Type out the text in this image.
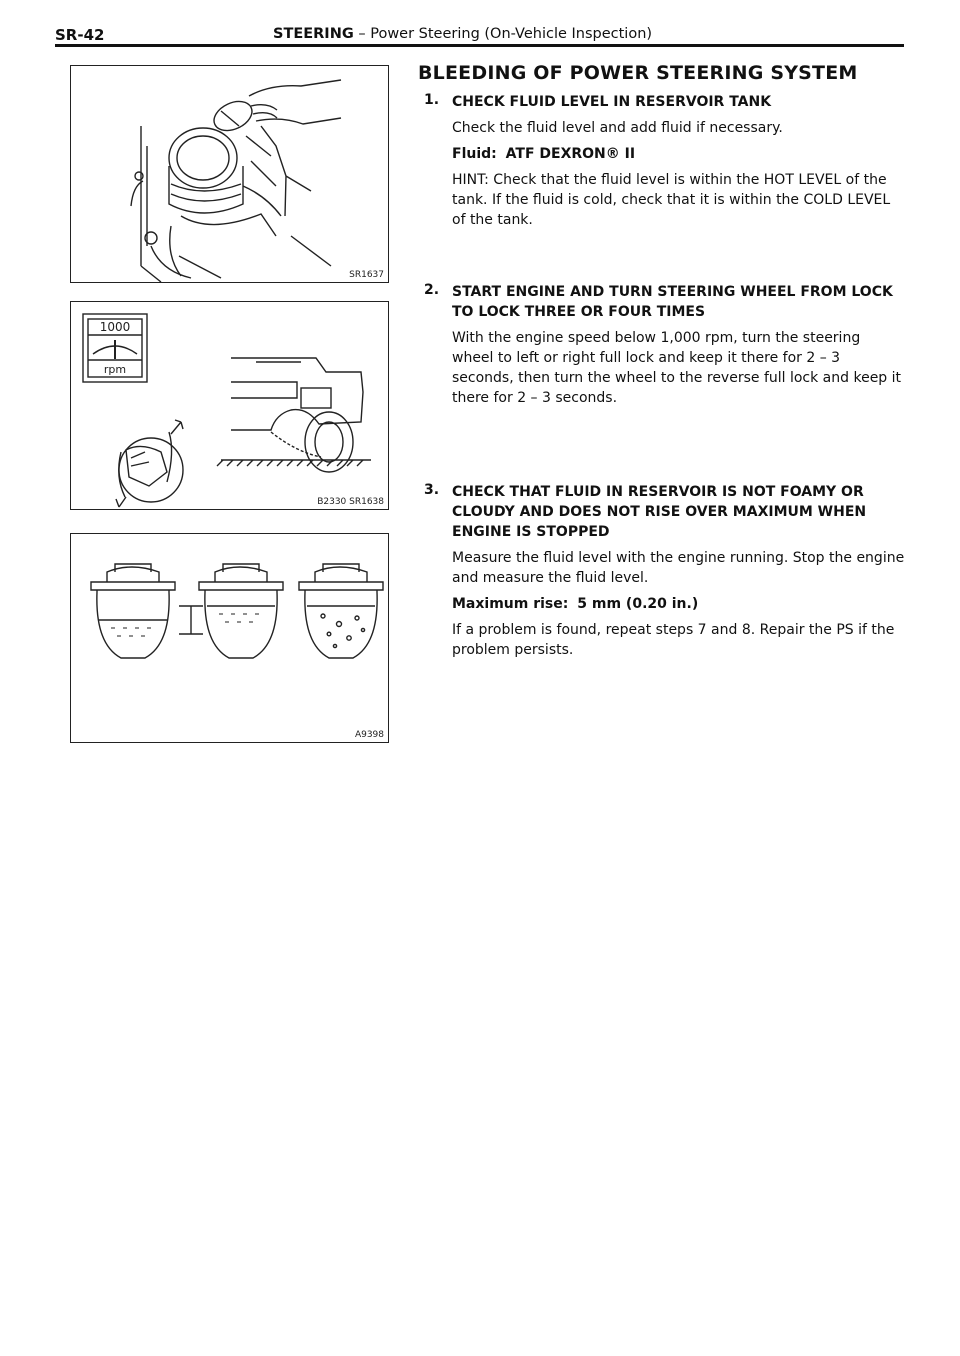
SR-42	STEERING – Power Steering (On-Vehicle Inspection)
SR1637
1000
rpm
B2330 SR1638
A9398
BLEEDING OF POWER STEERING SYSTEM
1. CHECK FLUID LEVEL IN RESERVOIR TANK
Check the fluid level and add fluid if necessary.
Fluid: ATF DEXRON® II
HINT: Check that the fluid level is within the HOT LEVEL of the tank. If the fluid is cold, check that it is within the COLD LEVEL of the tank.
2. START ENGINE AND TURN STEERING WHEEL FROM LOCK TO LOCK THREE OR FOUR TIMES
With the engine speed below 1,000 rpm, turn the steering wheel to left or right full lock and keep it there for 2 – 3 seconds, then turn the wheel to the reverse full lock and keep it there for 2 – 3 seconds.
3. CHECK THAT FLUID IN RESERVOIR IS NOT FOAMY OR CLOUDY AND DOES NOT RISE OVER MAXIMUM WHEN ENGINE IS STOPPED
Measure the fluid level with the engine running. Stop the engine and measure the fluid level.
Maximum rise: 5 mm (0.20 in.)
If a problem is found, repeat steps 7 and 8. Repair the PS if the problem persists.
